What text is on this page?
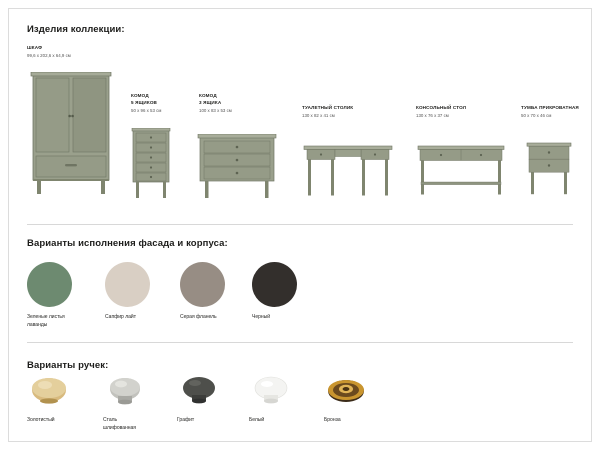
Изделия коллекции:
ШКАФ
99,6 x 202,6 x 64,9 см
КОМОД
5 ЯЩИКОВ
50 x 96 x 53 см
КОМОД
3 ЯЩИКА
100 x 83 x 53 см
ТУАЛЕТНЫЙ СТОЛИК
130 x 82 x 41 см
КОНСОЛЬНЫЙ СТОЛ
130 x 76 x 37 см
ТУМБА ПРИКРОВАТНАЯ
50 x 70 x 46 см
Варианты исполнения фасада и корпуса:
Зеленые листья
лаванды
Сапфир лайт	Серая фланель	Черный
Варианты ручек:
Золотистый	Сталь
шлифованная
Графит	Белый	Бронза
